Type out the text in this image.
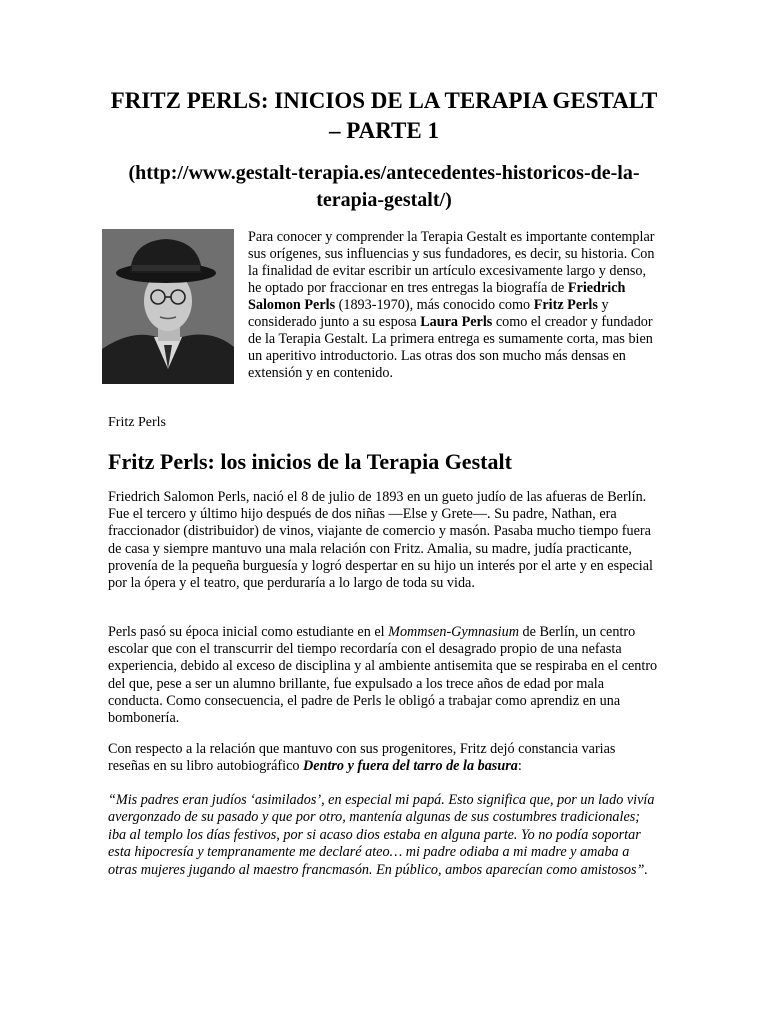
FRITZ PERLS: INICIOS DE LA TERAPIA GESTALT – PARTE 1
(http://www.gestalt-terapia.es/antecedentes-historicos-de-la-terapia-gestalt/)

Para conocer y comprender la Terapia Gestalt es importante contemplar sus orígenes, sus influencias y sus fundadores, es decir, su historia. Con la finalidad de evitar escribir un artículo excesivamente largo y denso, he optado por fraccionar en tres entregas la biografía de Friedrich Salomon Perls (1893-1970), más conocido como Fritz Perls y considerado junto a su esposa Laura Perls como el creador y fundador de la Terapia Gestalt. La primera entrega es sumamente corta, mas bien un aperitivo introductorio. Las otras dos son mucho más densas en extensión y en contenido.

Fritz Perls

Fritz Perls: los inicios de la Terapia Gestalt

Friedrich Salomon Perls, nació el 8 de julio de 1893 en un gueto judío de las afueras de Berlín. Fue el tercero y último hijo después de dos niñas —Else y Grete—. Su padre, Nathan, era fraccionador (distribuidor) de vinos, viajante de comercio y masón. Pasaba mucho tiempo fuera de casa y siempre mantuvo una mala relación con Fritz. Amalia, su madre, judía practicante, provenía de la pequeña burguesía y logró despertar en su hijo un interés por el arte y en especial por la ópera y el teatro, que perduraría a lo largo de toda su vida.

Perls pasó su época inicial como estudiante en el Mommsen-Gymnasium de Berlín, un centro escolar que con el transcurrir del tiempo recordaría con el desagrado propio de una nefasta experiencia, debido al exceso de disciplina y al ambiente antisemita que se respiraba en el centro del que, pese a ser un alumno brillante, fue expulsado a los trece años de edad por mala conducta. Como consecuencia, el padre de Perls le obligó a trabajar como aprendiz en una bombonería.

Con respecto a la relación que mantuvo con sus progenitores, Fritz dejó constancia varias reseñas en su libro autobiográfico Dentro y fuera del tarro de la basura:

“Mis padres eran judíos ‘asimilados’, en especial mi papá. Esto significa que, por un lado vivía avergonzado de su pasado y que por otro, mantenía algunas de sus costumbres tradicionales; iba al templo los días festivos, por si acaso dios estaba en alguna parte. Yo no podía soportar esta hipocresía y tempranamente me declaré ateo… mi padre odiaba a mi madre y amaba a otras mujeres jugando al maestro francmasón. En público, ambos aparecían como amistosos”.
